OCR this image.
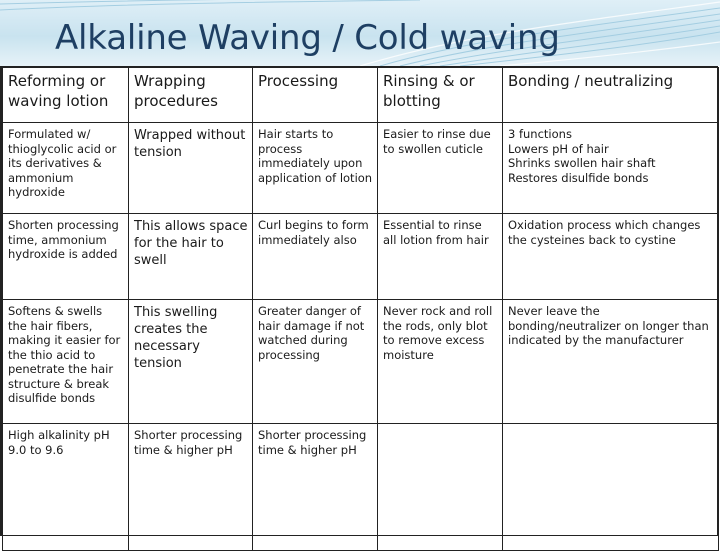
Alkaline Waving / Cold waving
Reforming or waving lotion	Wrapping procedures	Processing	Rinsing & or blotting	Bonding / neutralizing
Formulated w/ thioglycolic acid or its derivatives & ammonium hydroxide	Wrapped without tension	Hair starts to process immediately upon application of lotion	Easier to rinse due to swollen cuticle	3 functions
Lowers pH of hair
Shrinks swollen hair shaft
Restores disulfide bonds

Shorten processing time, ammonium hydroxide is added	This allows space for the hair to swell	Curl begins to form immediately also	Essential to rinse all lotion from hair	Oxidation process which changes the cysteines back to cystine
Softens & swells the hair fibers, making it easier for the thio acid to penetrate the hair structure & break disulfide bonds	This swelling creates the necessary tension	Greater danger of hair damage if not watched during processing	Never rock and roll the rods, only blot to remove excess moisture	Never leave the bonding/neutralizer on longer than indicated by the manufacturer
High alkalinity pH 9.0 to 9.6	Shorter processing time & higher pH	Shorter processing time & higher pH		
